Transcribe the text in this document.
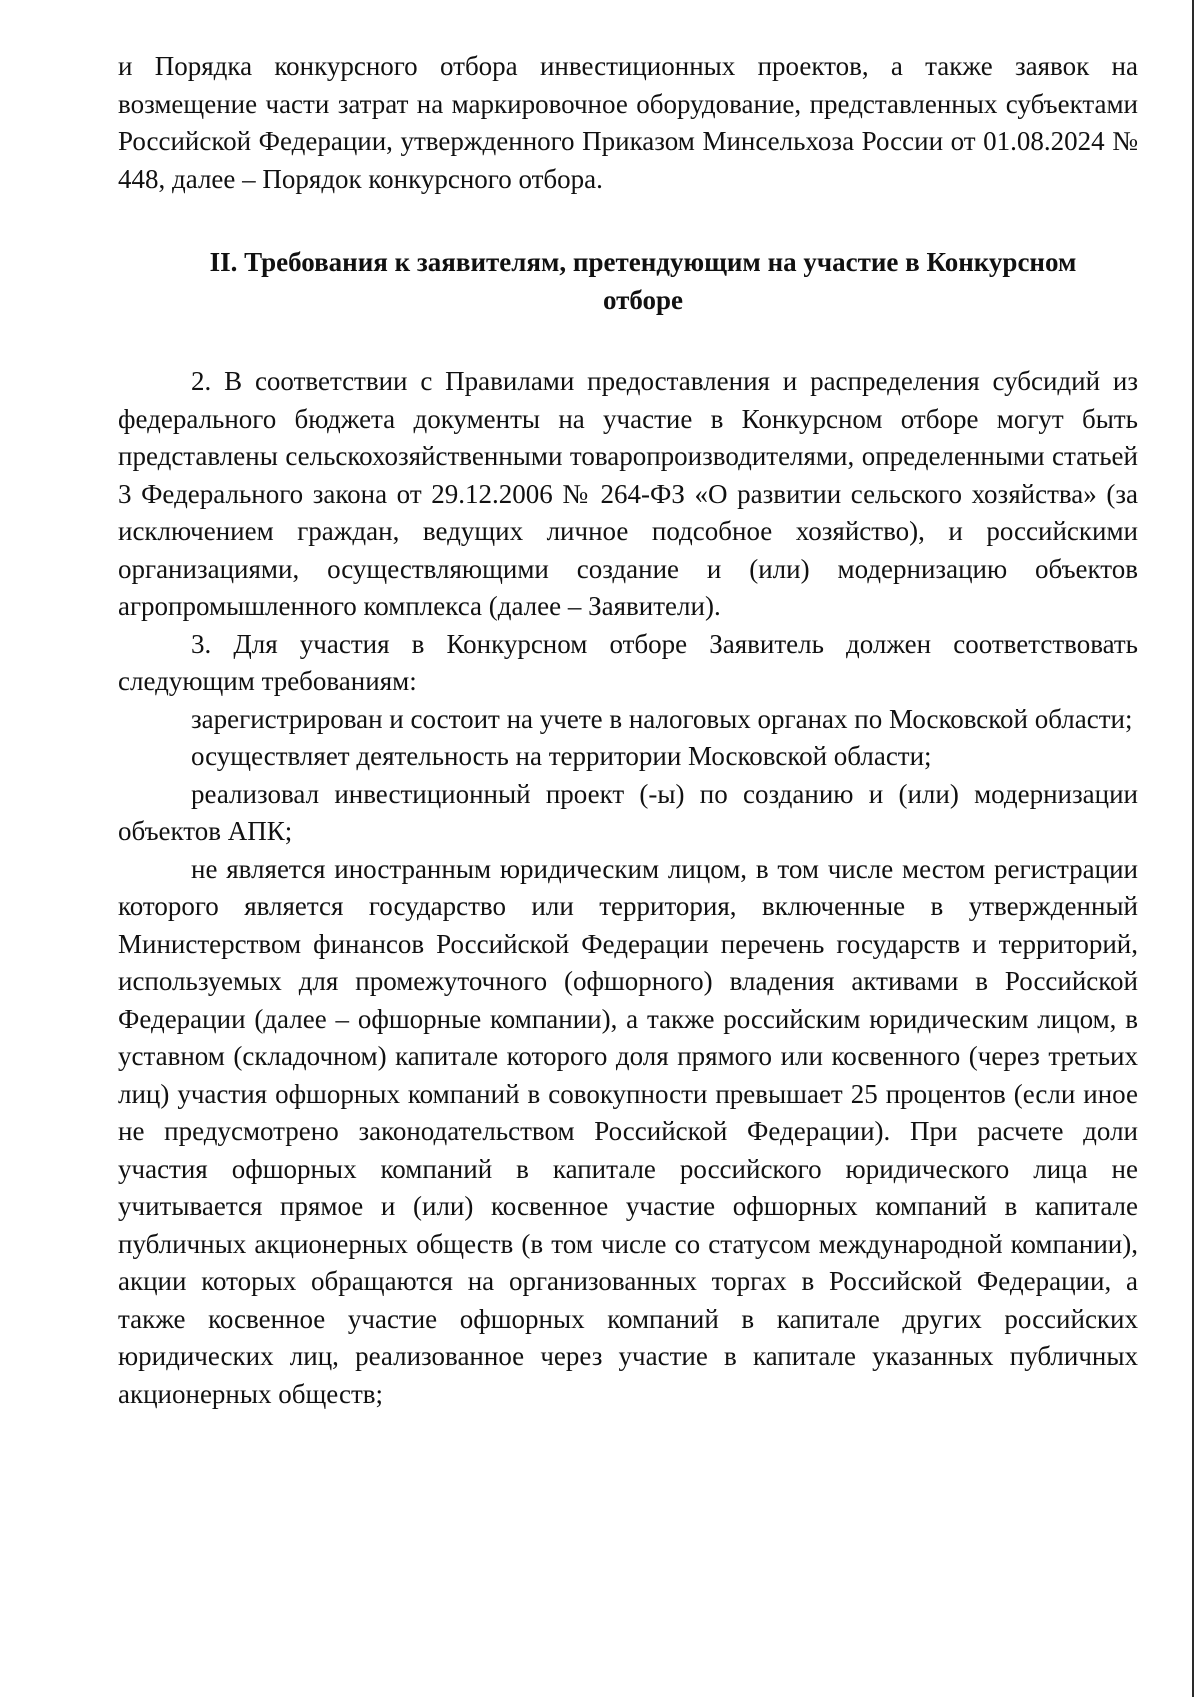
и Порядка конкурсного отбора инвестиционных проектов, а также заявок на возмещение части затрат на маркировочное оборудование, представленных субъектами Российской Федерации, утвержденного Приказом Минсельхоза России от 01.08.2024 № 448, далее – Порядок конкурсного отбора.

II. Требования к заявителям, претендующим на участие в Конкурсном отборе

2. В соответствии с Правилами предоставления и распределения субсидий из федерального бюджета документы на участие в Конкурсном отборе могут быть представлены сельскохозяйственными товаропроизводителями, определенными статьей 3 Федерального закона от 29.12.2006 № 264-ФЗ «О развитии сельского хозяйства» (за исключением граждан, ведущих личное подсобное хозяйство), и российскими организациями, осуществляющими создание и (или) модернизацию объектов агропромышленного комплекса (далее – Заявители).

3. Для участия в Конкурсном отборе Заявитель должен соответствовать следующим требованиям:

зарегистрирован и состоит на учете в налоговых органах по Московской области;

осуществляет деятельность на территории Московской области;

реализовал инвестиционный проект (-ы) по созданию и (или) модернизации объектов АПК;

не является иностранным юридическим лицом, в том числе местом регистрации которого является государство или территория, включенные в утвержденный Министерством финансов Российской Федерации перечень государств и территорий, используемых для промежуточного (офшорного) владения активами в Российской Федерации (далее – офшорные компании), а также российским юридическим лицом, в уставном (складочном) капитале которого доля прямого или косвенного (через третьих лиц) участия офшорных компаний в совокупности превышает 25 процентов (если иное не предусмотрено законодательством Российской Федерации). При расчете доли участия офшорных компаний в капитале российского юридического лица не учитывается прямое и (или) косвенное участие офшорных компаний в капитале публичных акционерных обществ (в том числе со статусом международной компании), акции которых обращаются на организованных торгах в Российской Федерации, а также косвенное участие офшорных компаний в капитале других российских юридических лиц, реализованное через участие в капитале указанных публичных акционерных обществ;
